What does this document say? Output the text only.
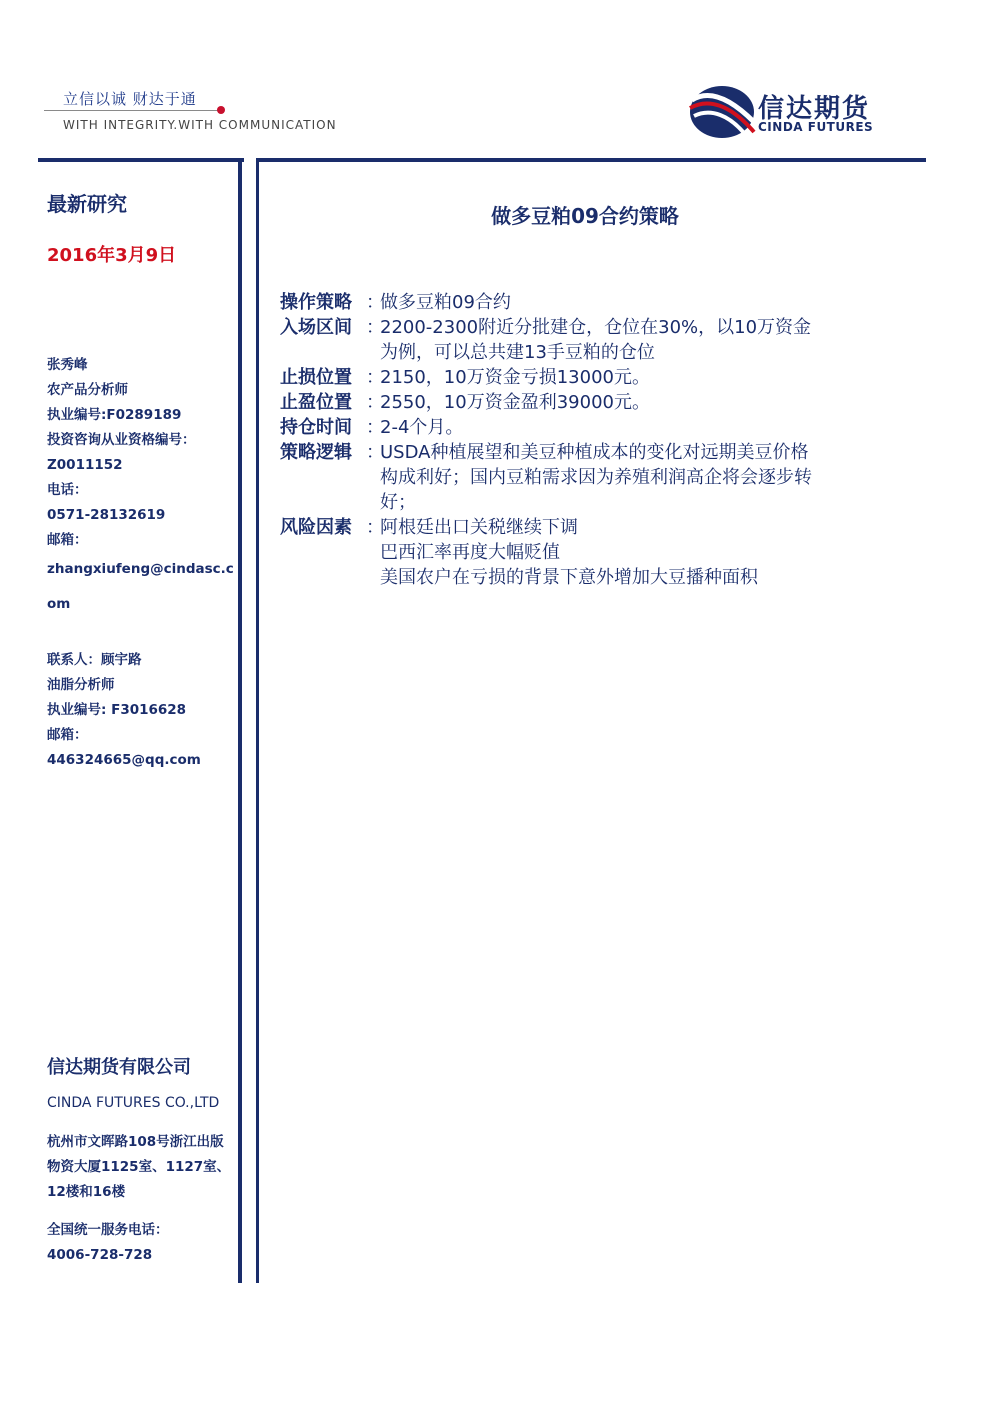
立信以诚 财达于通
WITH INTEGRITY.WITH COMMUNICATION
信达期货
CINDA FUTURES
最新研究
2016年3月9日
张秀峰
农产品分析师
执业编号:F0289189
投资咨询从业资格编号：
Z0011152
电话：
0571-28132619
邮箱：
zhangxiufeng@cindasc.c
om
联系人：顾宇路
油脂分析师
执业编号: F3016628
邮箱：
446324665@qq.com
信达期货有限公司
CINDA FUTURES CO.,LTD
杭州市文晖路108号浙江出版
物资大厦1125室、1127室、
12楼和16楼
全国统一服务电话：
4006-728-728
做多豆粕09合约策略
操作策略 ：
做多豆粕09合约
入场区间 ：
2200-2300附近分批建仓，仓位在30%，以10万资金
为例，可以总共建13手豆粕的仓位
止损位置 ：
2150，10万资金亏损13000元。
止盈位置 ：
2550，10万资金盈利39000元。
持仓时间 ：
2-4个月。
策略逻辑 ：
USDA种植展望和美豆种植成本的变化对远期美豆价格
构成利好；国内豆粕需求因为养殖利润高企将会逐步转
好；
风险因素 ：
阿根廷出口关税继续下调
巴西汇率再度大幅贬值
美国农户在亏损的背景下意外增加大豆播种面积
